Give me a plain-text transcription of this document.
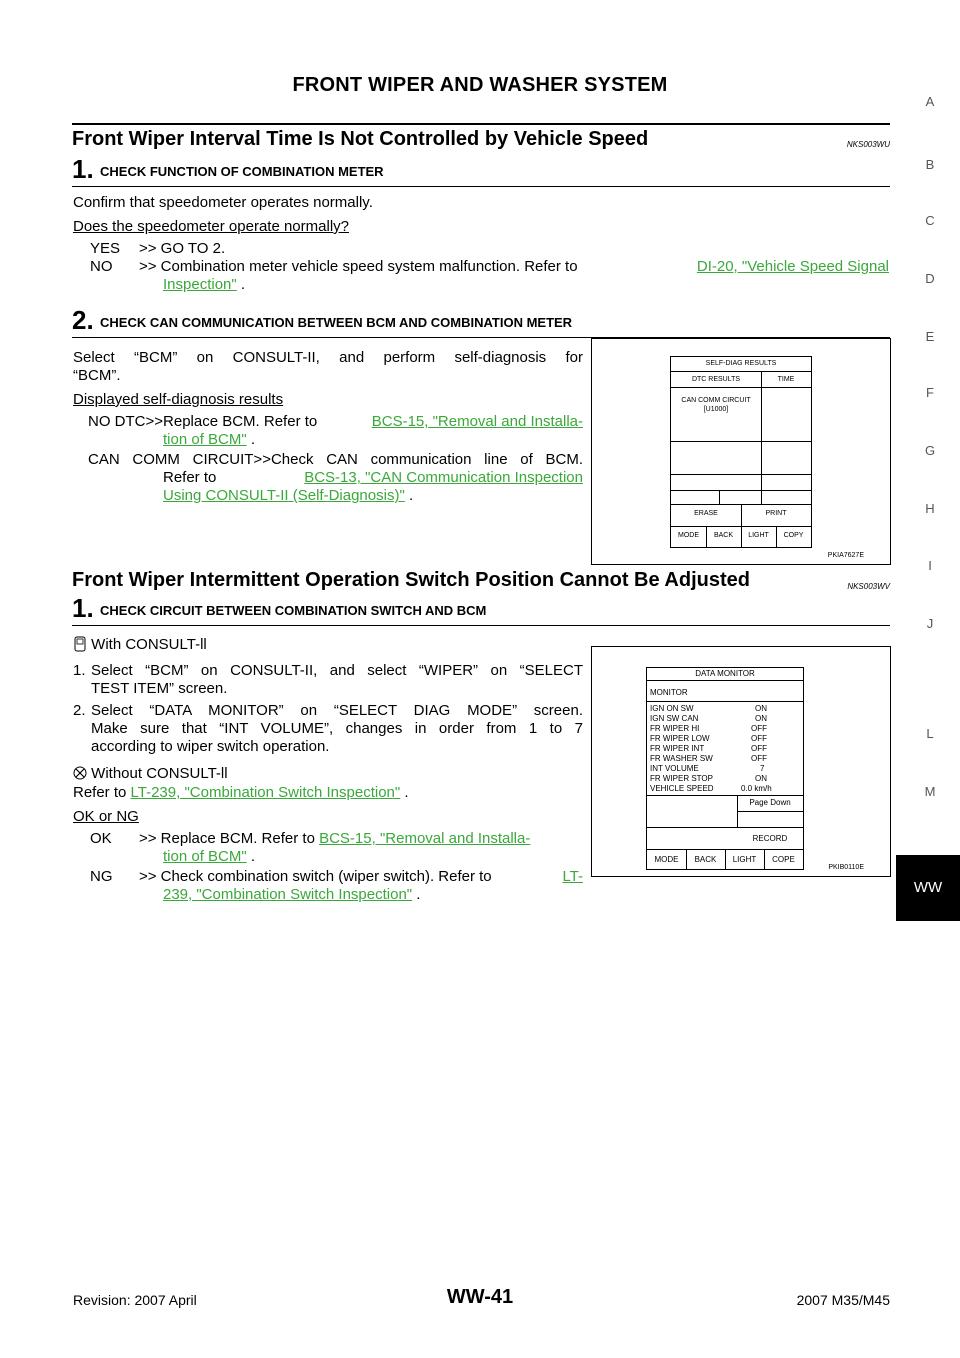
FRONT WIPER AND WASHER SYSTEM
Front Wiper Interval Time Is Not Controlled by Vehicle Speed	NKS003WU
1. CHECK FUNCTION OF COMBINATION METER
Confirm that speedometer operates normally.
Does the speedometer operate normally?
YES >> GO TO 2.
NO >> Combination meter vehicle speed system malfunction. Refer to	DI-20, "Vehicle Speed Signal
Inspection" .
2. CHECK CAN COMMUNICATION BETWEEN BCM AND COMBINATION METER
Select “BCM” on CONSULT-II, and perform self-diagnosis for
“BCM”.
Displayed self-diagnosis results
NO DTC>>Replace BCM. Refer to	BCS-15, "Removal and Installa-
tion of BCM" .
CAN COMM CIRCUIT>>Check CAN communication line of BCM.
Refer to	BCS-13, "CAN Communication Inspection
Using CONSULT-II (Self-Diagnosis)" .
SELF-DIAG RESULTS
DTC RESULTS	TIME
CAN COMM CIRCUIT
[U1000]
ERASE	PRINT
MODE	BACK	LIGHT	COPY
PKIA7627E
Front Wiper Intermittent Operation Switch Position Cannot Be Adjusted	NKS003WV
1. CHECK CIRCUIT BETWEEN COMBINATION SWITCH AND BCM
With CONSULT-ll
1. Select “BCM” on CONSULT-II, and select “WIPER” on “SELECT
TEST ITEM” screen.
2. Select “DATA MONITOR” on “SELECT DIAG MODE” screen.
Make sure that “INT VOLUME”, changes in order from 1 to 7
according to wiper switch operation.
Without CONSULT-ll
Refer to LT-239, "Combination Switch Inspection" .
OK or NG
OK >> Replace BCM. Refer to BCS-15, "Removal and Installa-
tion of BCM" .
NG >> Check combination switch (wiper switch). Refer to	LT-
239, "Combination Switch Inspection" .
DATA MONITOR
MONITOR
IGN ON SW	ON
IGN SW CAN	ON
FR WIPER HI	OFF
FR WIPER LOW	OFF
FR WIPER INT	OFF
FR WASHER SW	OFF
INT VOLUME	7
FR WIPER STOP	ON
VEHICLE SPEED	0.0 km/h
Page Down
RECORD
MODE	BACK	LIGHT	COPE
PKIB0110E
A
B
C
D
E
F
G
H
I
J
WW
L
M
WW-41
Revision: 2007 April	2007 M35/M45
